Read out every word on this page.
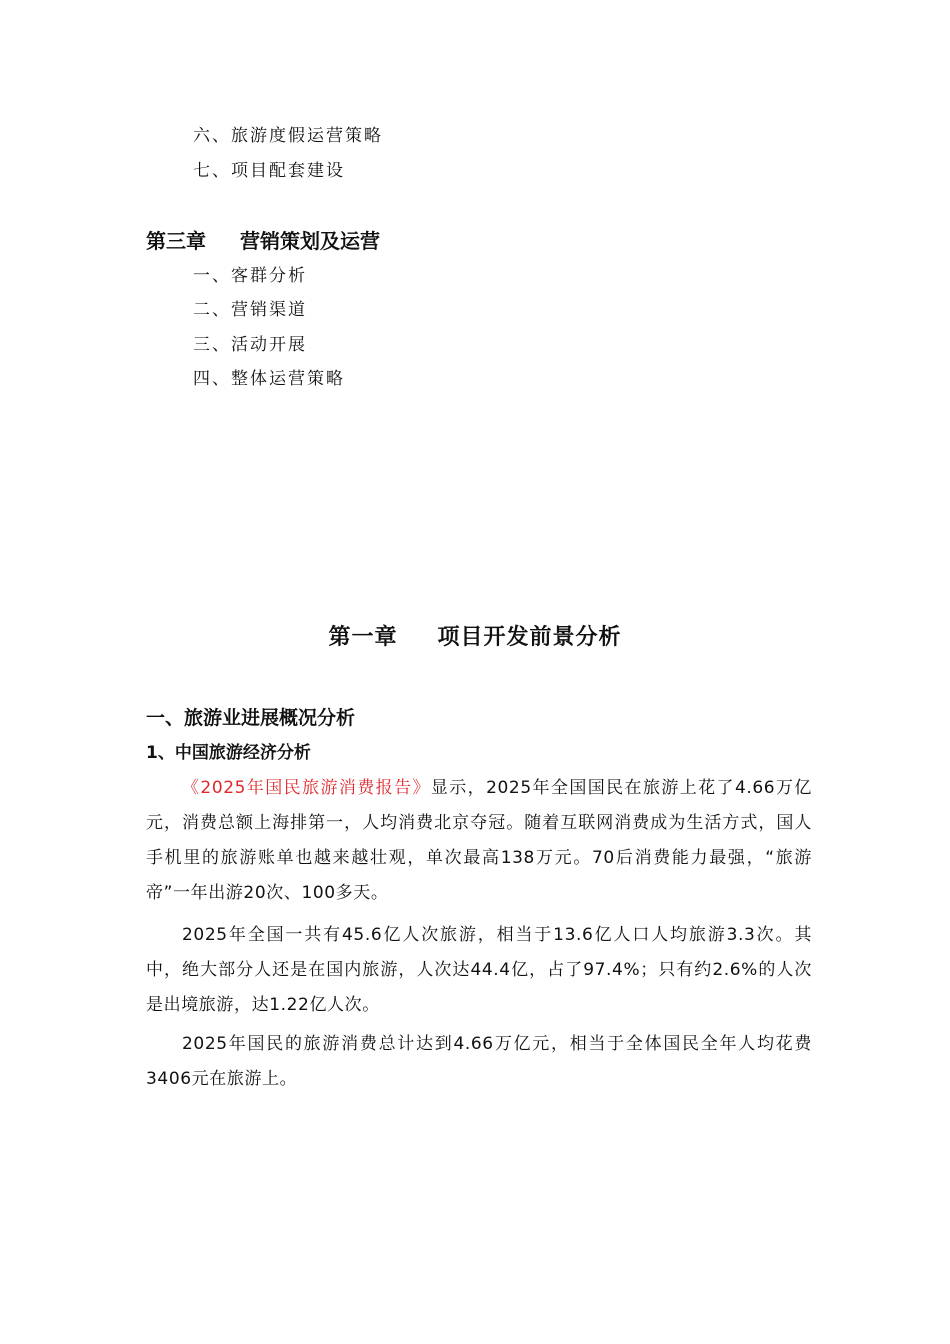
六、旅游度假运营策略
七、项目配套建设
第三章 营销策划及运营
一、客群分析
二、营销渠道
三、活动开展
四、整体运营策略
第一章 项目开发前景分析
一、旅游业进展概况分析
1、中国旅游经济分析
《2025年国民旅游消费报告》显示，2025年全国国民在旅游上花了4.66万亿元，消费总额上海排第一，人均消费北京夺冠。随着互联网消费成为生活方式，国人手机里的旅游账单也越来越壮观，单次最高138万元。70后消费能力最强，“旅游帝”一年出游20次、100多天。
2025年全国一共有45.6亿人次旅游，相当于13.6亿人口人均旅游3.3次。其中，绝大部分人还是在国内旅游，人次达44.4亿，占了97.4%；只有约2.6%的人次是出境旅游，达1.22亿人次。
2025年国民的旅游消费总计达到4.66万亿元，相当于全体国民全年人均花费3406元在旅游上。
